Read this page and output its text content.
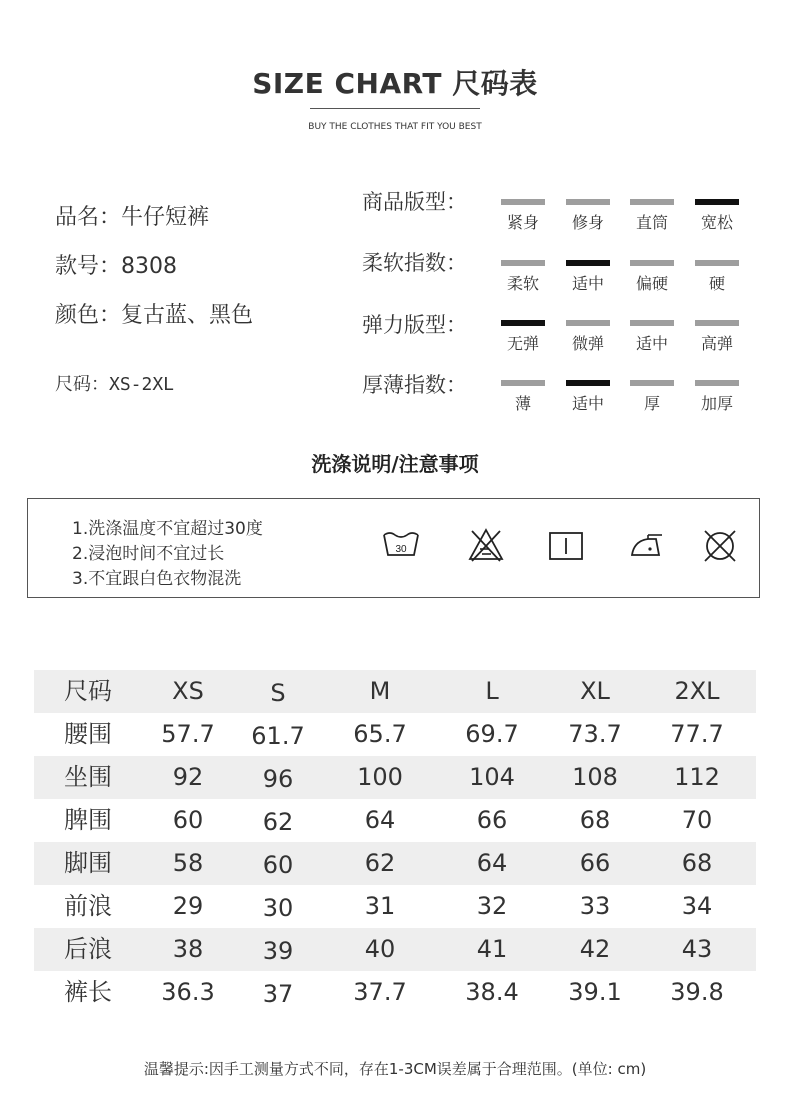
SIZE CHART 尺码表
BUY THE CLOTHES THAT FIT YOU BEST
品名：牛仔短裤
款号：8308
颜色：复古蓝、黑色
尺码：XS-2XL
商品版型：
紧身	修身	直筒	宽松
柔软指数：
柔软	适中	偏硬	硬
弹力版型：
无弹	微弹	适中	高弹
厚薄指数：
薄	适中	厚	加厚
洗涤说明/注意事项
1.洗涤温度不宜超过30度
2.浸泡时间不宜过长
3.不宜跟白色衣物混洗
30
尺码	XS	S	M	L	XL	2XL
腰围	57.7	61.7	65.7	69.7	73.7	77.7
坐围	92	96	100	104	108	112
脾围	60	62	64	66	68	70
脚围	58	60	62	64	66	68
前浪	29	30	31	32	33	34
后浪	38	39	40	41	42	43
裤长	36.3	37	37.7	38.4	39.1	39.8
温馨提示:因手工测量方式不同，存在1-3CM误差属于合理范围。(单位: cm)
